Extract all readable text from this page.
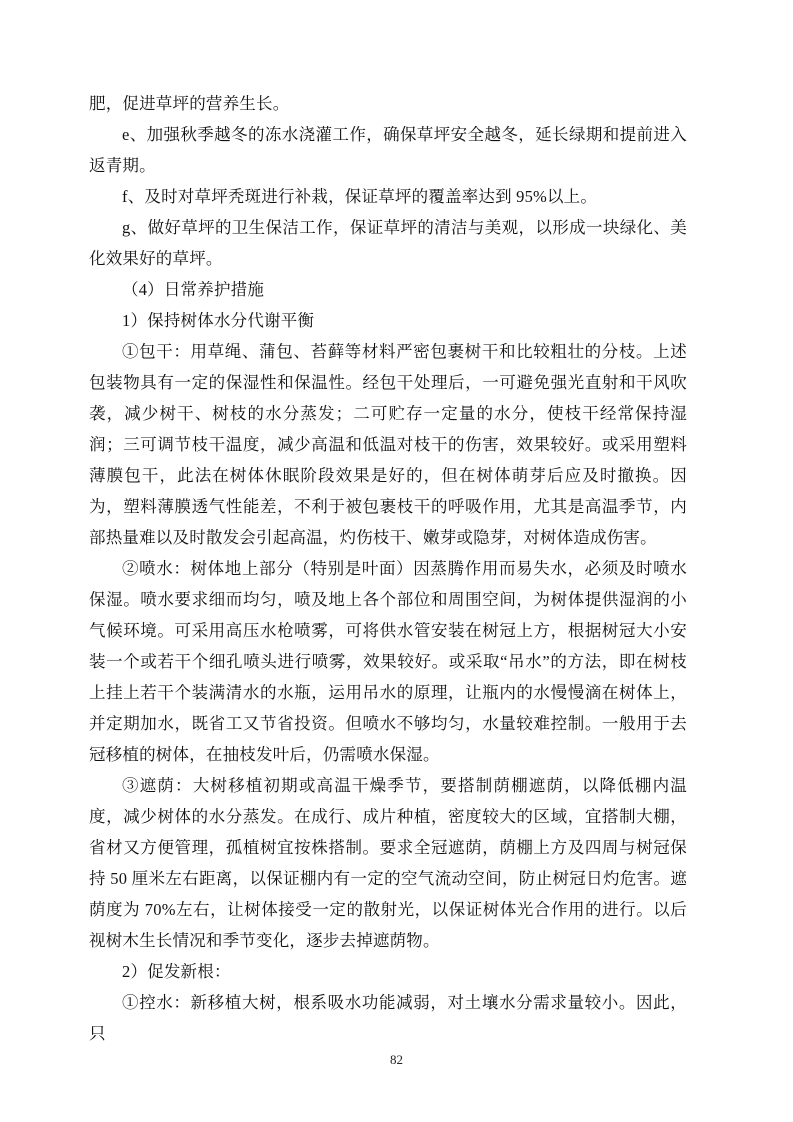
肥，促进草坪的营养生长。

e、加强秋季越冬的冻水浇灌工作，确保草坪安全越冬，延长绿期和提前进入返青期。

f、及时对草坪秃斑进行补栽，保证草坪的覆盖率达到 95%以上。

g、做好草坪的卫生保洁工作，保证草坪的清洁与美观，以形成一块绿化、美化效果好的草坪。

（4）日常养护措施

1）保持树体水分代谢平衡

①包干：用草绳、蒲包、苔藓等材料严密包裹树干和比较粗壮的分枝。上述包装物具有一定的保湿性和保温性。经包干处理后，一可避免强光直射和干风吹袭，减少树干、树枝的水分蒸发；二可贮存一定量的水分，使枝干经常保持湿润；三可调节枝干温度，减少高温和低温对枝干的伤害，效果较好。或采用塑料薄膜包干，此法在树体休眠阶段效果是好的，但在树体萌芽后应及时撤换。因为，塑料薄膜透气性能差，不利于被包裹枝干的呼吸作用，尤其是高温季节，内部热量难以及时散发会引起高温，灼伤枝干、嫩芽或隐芽，对树体造成伤害。

②喷水：树体地上部分（特别是叶面）因蒸腾作用而易失水，必须及时喷水保湿。喷水要求细而均匀，喷及地上各个部位和周围空间，为树体提供湿润的小气候环境。可采用高压水枪喷雾，可将供水管安装在树冠上方，根据树冠大小安装一个或若干个细孔喷头进行喷雾，效果较好。或采取“吊水”的方法，即在树枝上挂上若干个装满清水的水瓶，运用吊水的原理，让瓶内的水慢慢滴在树体上，并定期加水，既省工又节省投资。但喷水不够均匀，水量较难控制。一般用于去冠移植的树体，在抽枝发叶后，仍需喷水保湿。

③遮荫：大树移植初期或高温干燥季节，要搭制荫棚遮荫，以降低棚内温度，减少树体的水分蒸发。在成行、成片种植，密度较大的区域，宜搭制大棚，省材又方便管理，孤植树宜按株搭制。要求全冠遮荫，荫棚上方及四周与树冠保持 50 厘米左右距离，以保证棚内有一定的空气流动空间，防止树冠日灼危害。遮荫度为 70%左右，让树体接受一定的散射光，以保证树体光合作用的进行。以后视树木生长情况和季节变化，逐步去掉遮荫物。

2）促发新根：

①控水：新移植大树，根系吸水功能减弱，对土壤水分需求量较小。因此，只

82
